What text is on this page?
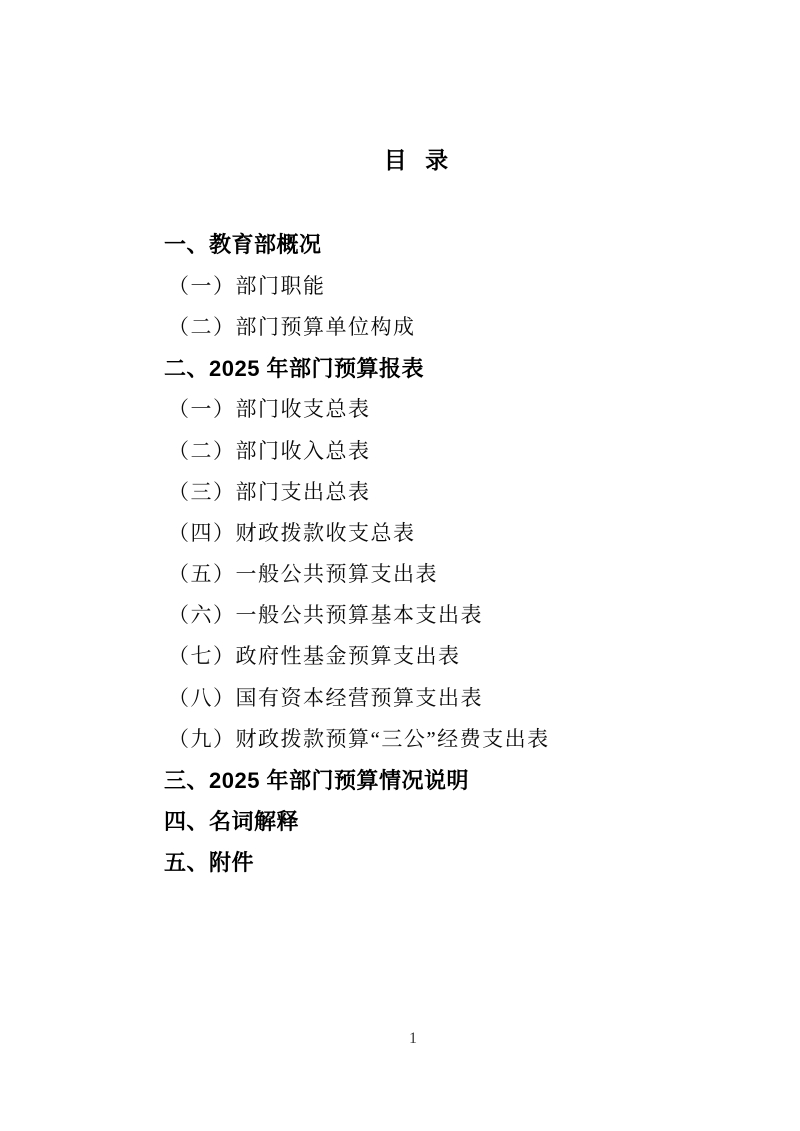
目 录
一、教育部概况
（一）部门职能
（二）部门预算单位构成
二、2025 年部门预算报表
（一）部门收支总表
（二）部门收入总表
（三）部门支出总表
（四）财政拨款收支总表
（五）一般公共预算支出表
（六）一般公共预算基本支出表
（七）政府性基金预算支出表
（八）国有资本经营预算支出表
（九）财政拨款预算“三公”经费支出表
三、2025 年部门预算情况说明
四、名词解释
五、附件
1
